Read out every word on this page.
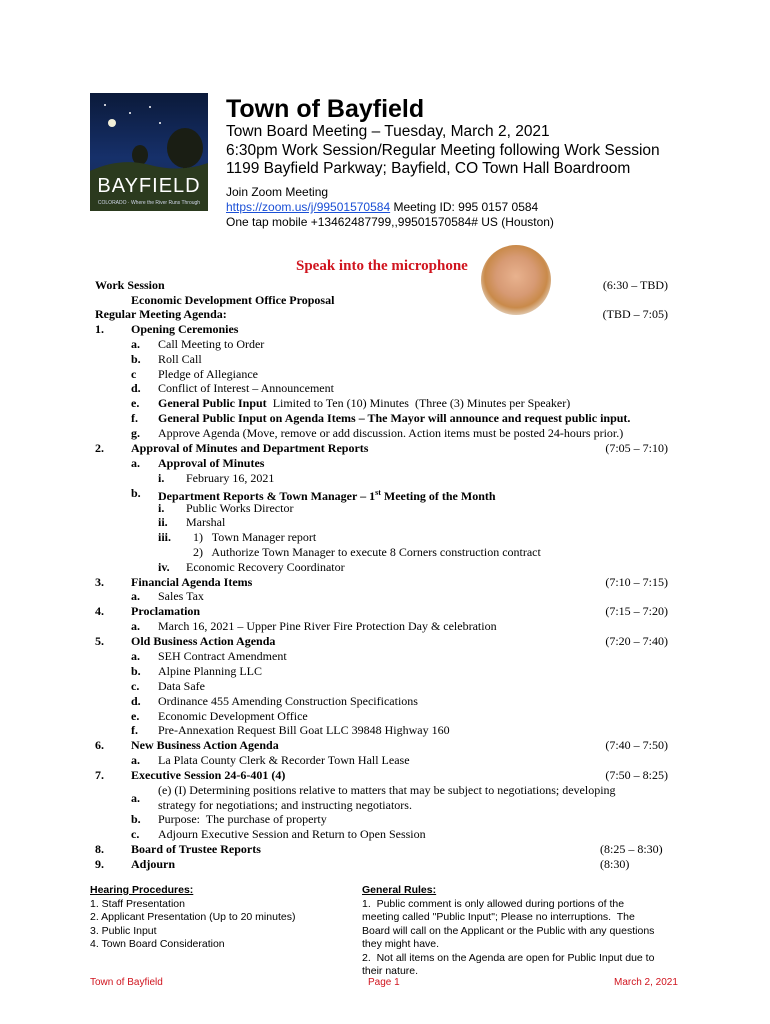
BAYFIELD
COLORADO · Where the River Runs Through
Town of Bayfield
Town Board Meeting – Tuesday, March 2, 2021
6:30pm Work Session/Regular Meeting following Work Session
1199 Bayfield Parkway; Bayfield, CO Town Hall Boardroom
Join Zoom Meeting
https://zoom.us/j/99501570584 Meeting ID: 995 0157 0584
One tap mobile +13462487799,,99501570584# US (Houston)
Speak into the microphone
Work Session	(6:30 – TBD)
Economic Development Office Proposal
Regular Meeting Agenda:	(TBD – 7:05)
1. Opening Ceremonies
a. Call Meeting to Order
b. Roll Call
c Pledge of Allegiance
d. Conflict of Interest – Announcement
e. General Public Input  Limited to Ten (10) Minutes  (Three (3) Minutes per Speaker)
f. General Public Input on Agenda Items – The Mayor will announce and request public input.
g. Approve Agenda (Move, remove or add discussion. Action items must be posted 24-hours prior.)
2. Approval of Minutes and Department Reports	(7:05 – 7:10)
a. Approval of Minutes
i. February 16, 2021
b. Department Reports & Town Manager – 1st Meeting of the Month
i. Public Works Director
ii. Marshal
iii. 1)   Town Manager report
2)   Authorize Town Manager to execute 8 Corners construction contract
iv. Economic Recovery Coordinator
3. Financial Agenda Items	(7:10 – 7:15)
a. Sales Tax
4. Proclamation	(7:15 – 7:20)
a. March 16, 2021 – Upper Pine River Fire Protection Day & celebration
5. Old Business Action Agenda	(7:20 – 7:40)
a. SEH Contract Amendment
b. Alpine Planning LLC
c. Data Safe
d. Ordinance 455 Amending Construction Specifications
e. Economic Development Office
f. Pre-Annexation Request Bill Goat LLC 39848 Highway 160
6. New Business Action Agenda	(7:40 – 7:50)
a. La Plata County Clerk & Recorder Town Hall Lease
7. Executive Session 24-6-401 (4)	(7:50 – 8:25)
a.
(e) (I) Determining positions relative to matters that may be subject to negotiations; developing
strategy for negotiations; and instructing negotiators.
b. Purpose:  The purchase of property
c. Adjourn Executive Session and Return to Open Session
8. Board of Trustee Reports	(8:25 – 8:30)
9. Adjourn	(8:30)
Hearing Procedures:
1. Staff Presentation
2. Applicant Presentation (Up to 20 minutes)
3. Public Input
4. Town Board Consideration
General Rules:
1.  Public comment is only allowed during portions of the
meeting called "Public Input"; Please no interruptions.  The
Board will call on the Applicant or the Public with any questions
they might have.
2.  Not all items on the Agenda are open for Public Input due to
their nature.
Town of Bayfield	Page 1	March 2, 2021
